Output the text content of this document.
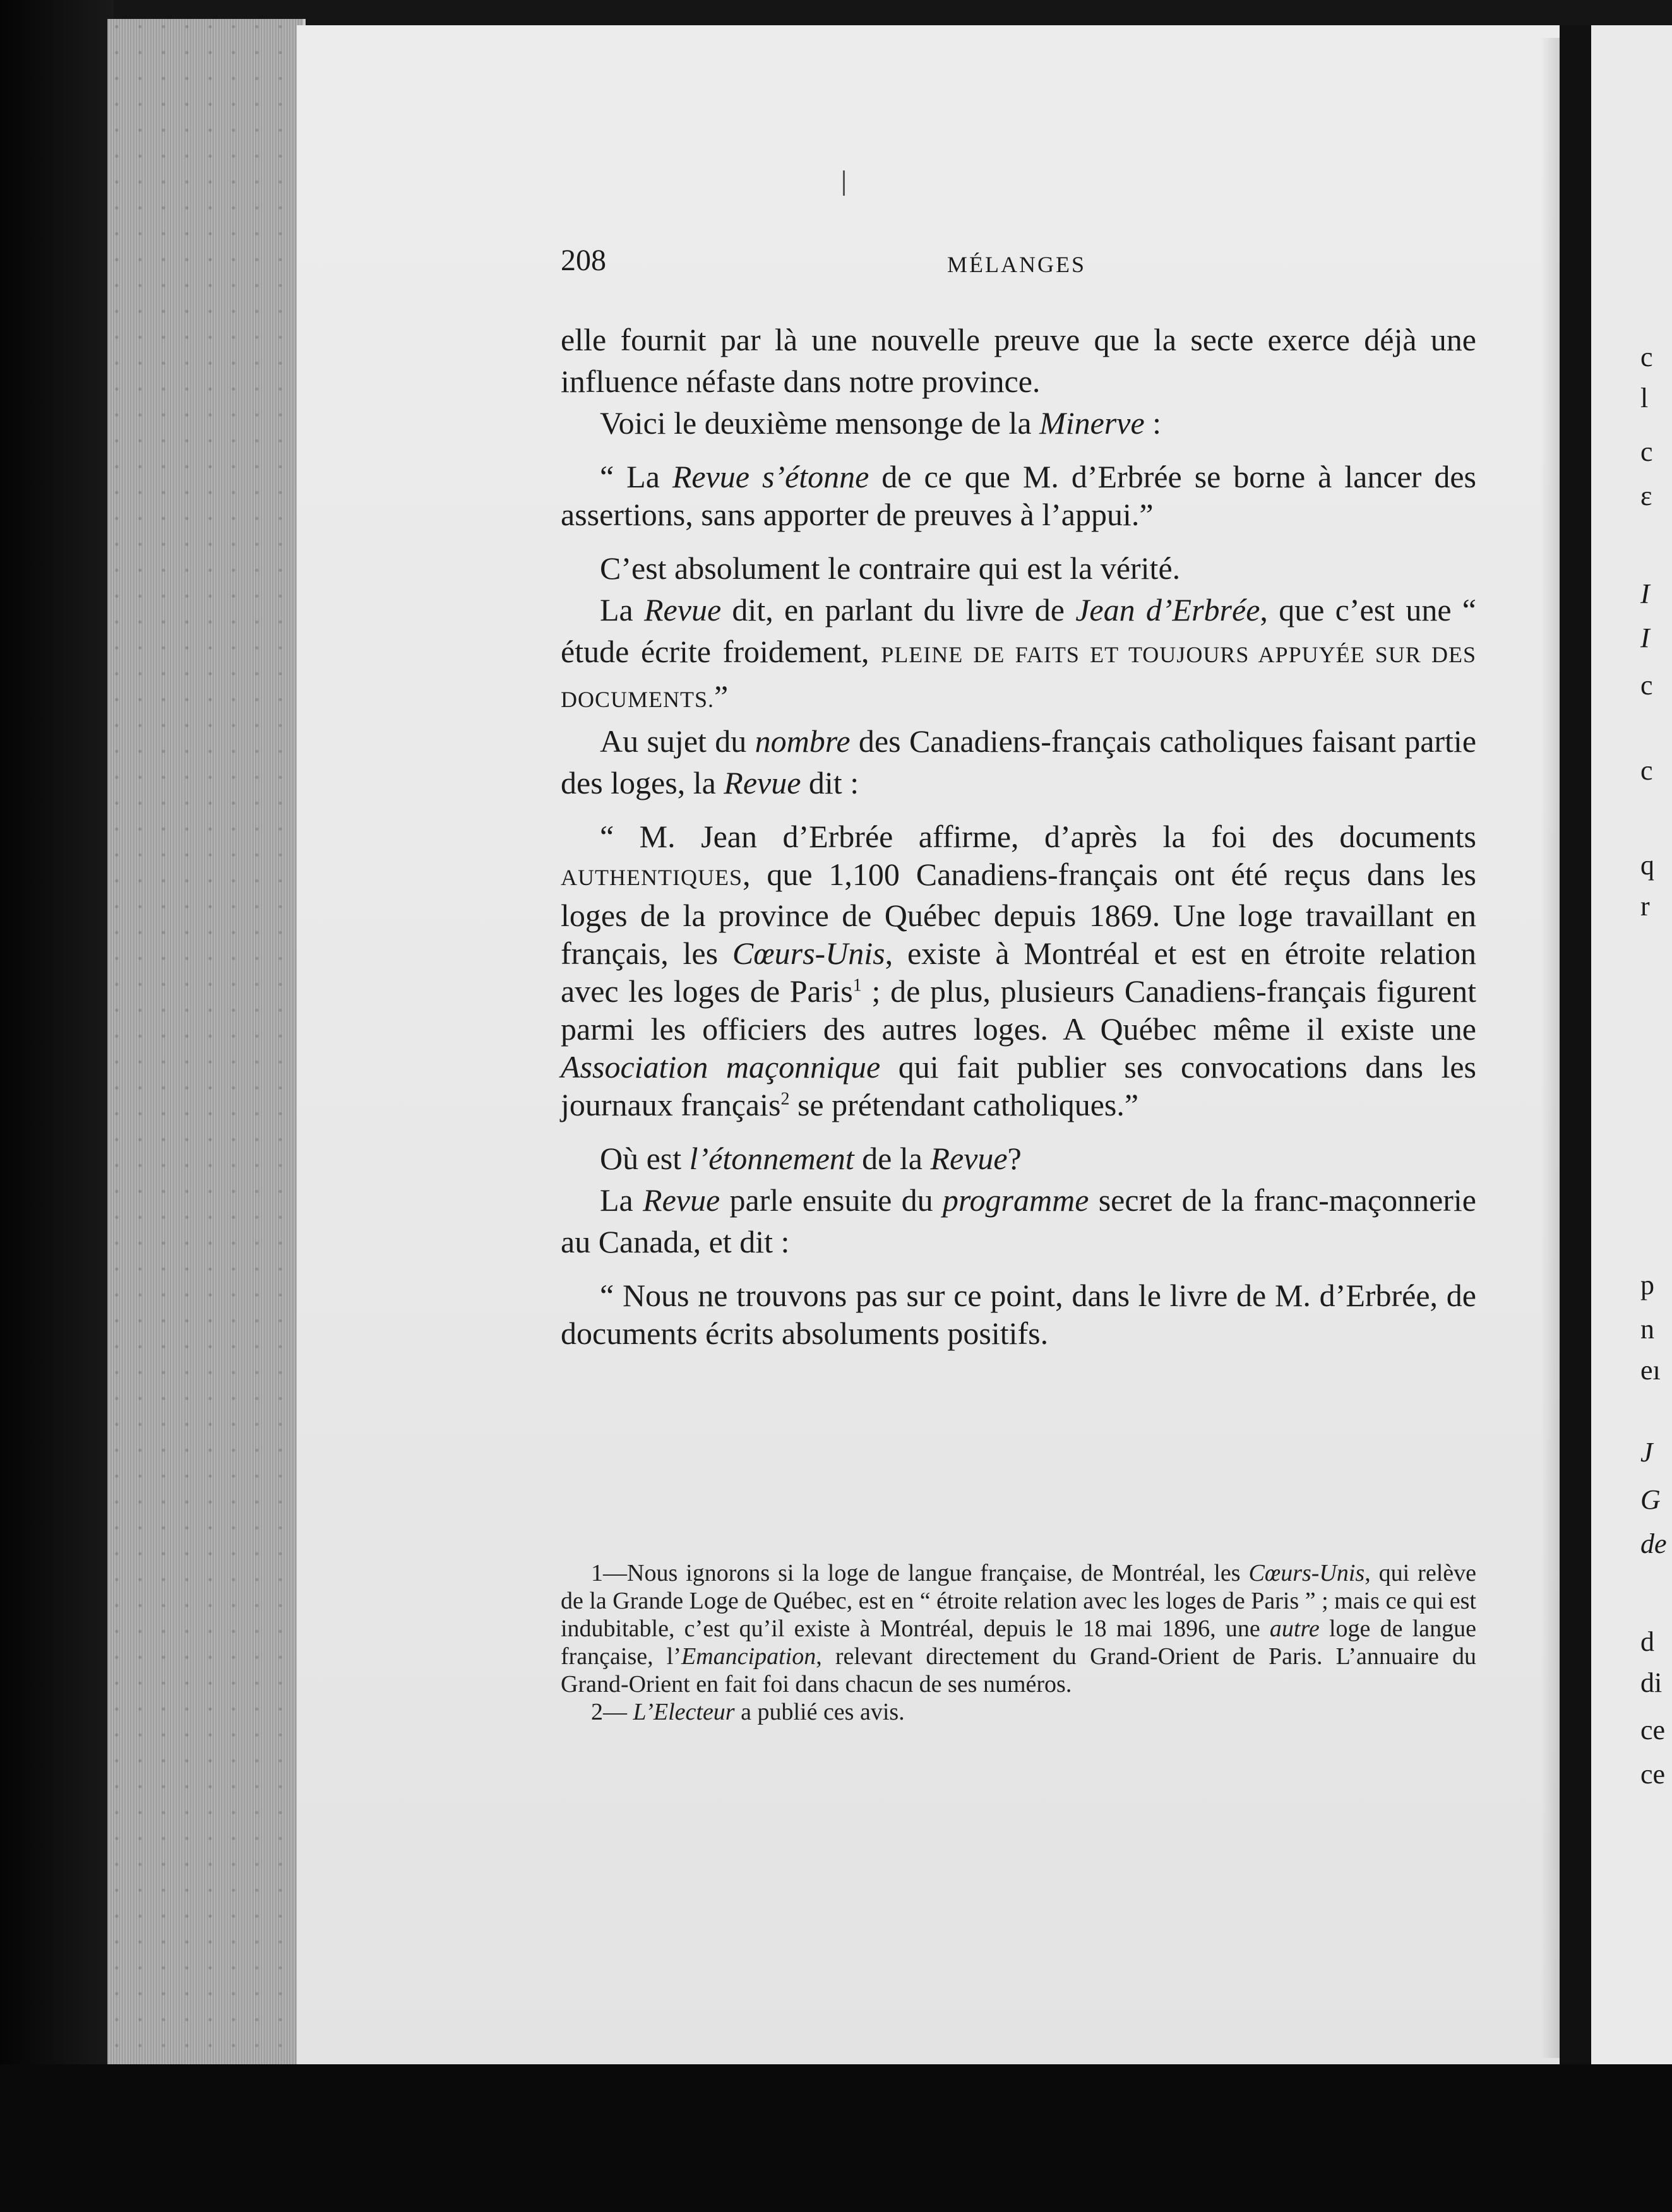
c
l
c
ε
I
I
c
c
q
r
p
n
eı
J
G
de
d
di
ce
ce
208	MÉLANGES

elle fournit par là une nouvelle preuve que la secte exerce déjà une influence néfaste dans notre province.

Voici le deuxième mensonge de la Minerve :

“ La Revue s’étonne de ce que M. d’Erbrée se borne à lancer des assertions, sans apporter de preuves à l’appui.”

C’est absolument le contraire qui est la vérité.

La Revue dit, en parlant du livre de Jean d’Erbrée, que c’est une “ étude écrite froidement, PLEINE DE FAITS ET TOUJOURS APPUYÉE SUR DES DOCUMENTS.”

Au sujet du nombre des Canadiens-français catholiques faisant partie des loges, la Revue dit :

“ M. Jean d’Erbrée affirme, d’après la foi des documents AUTHENTIQUES, que 1,100 Canadiens-français ont été reçus dans les loges de la province de Québec depuis 1869. Une loge travaillant en français, les Cœurs-Unis, existe à Montréal et est en étroite relation avec les loges de Paris$^1$ ; de plus, plusieurs Canadiens-français figurent parmi les officiers des autres loges. A Québec même il existe une Association maçonnique qui fait publier ses convocations dans les journaux français$^2$ se prétendant catholiques.”

Où est l’étonnement de la Revue?

La Revue parle ensuite du programme secret de la franc-maçonnerie au Canada, et dit :

“ Nous ne trouvons pas sur ce point, dans le livre de M. d’Erbrée, de documents écrits absoluments positifs.

1—Nous ignorons si la loge de langue française, de Montréal, les Cœurs-Unis, qui relève de la Grande Loge de Québec, est en “ étroite relation avec les loges de Paris ” ; mais ce qui est indubitable, c’est qu’il existe à Montréal, depuis le 18 mai 1896, une autre loge de langue française, l’Emancipation, relevant directement du Grand-Orient de Paris. L’annuaire du Grand-Orient en fait foi dans chacun de ses numéros.

2— L’Electeur a publié ces avis.
